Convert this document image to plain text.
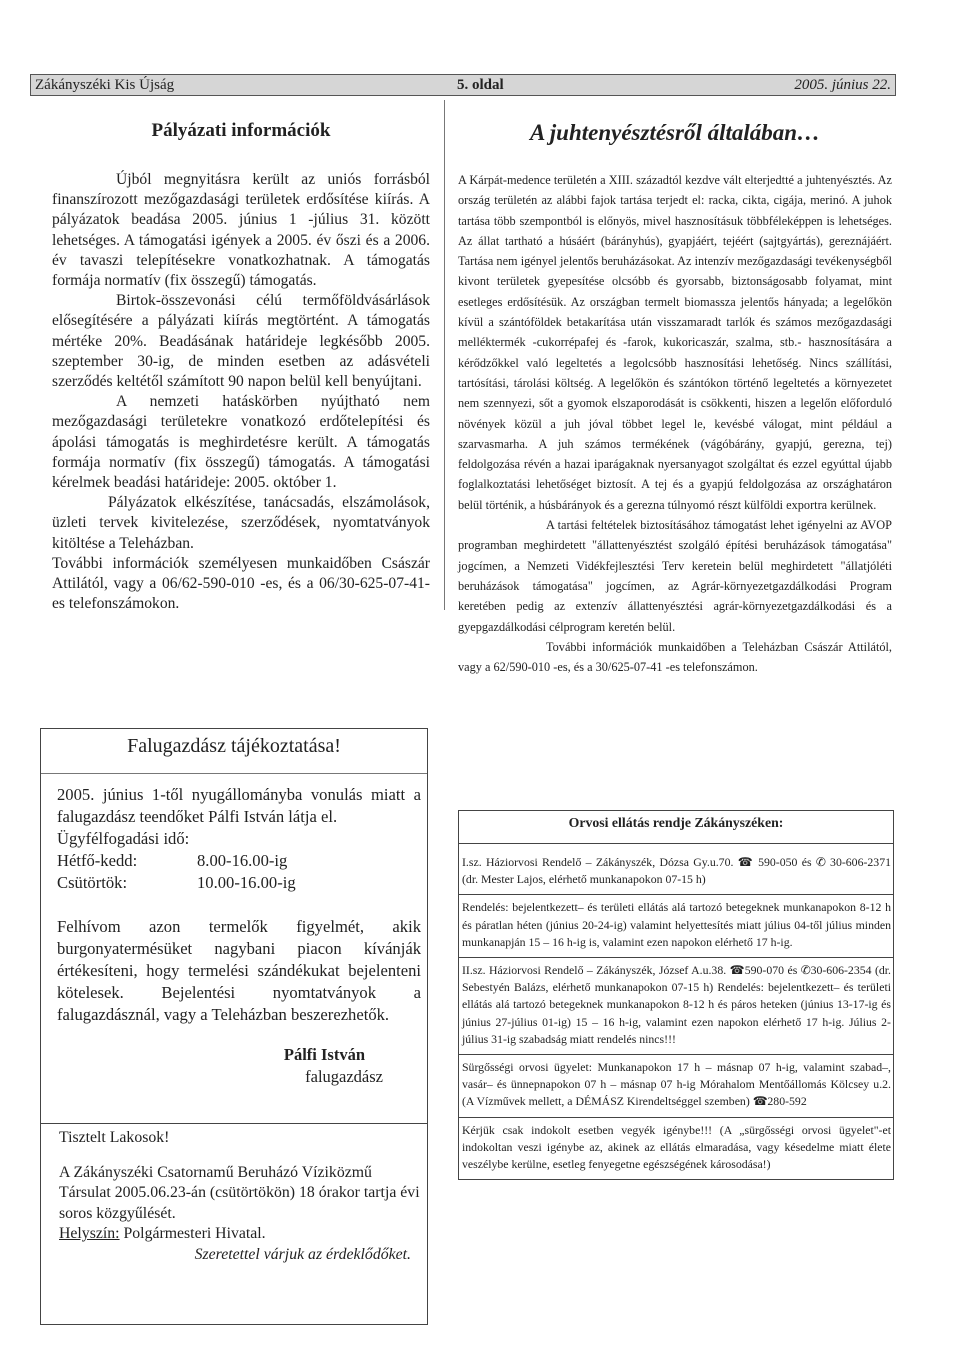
Zákányszéki Kis Újság	5. oldal	2005. június 22.
Pályázati információk

Újból megnyitásra került az uniós forrásból finanszírozott mezőgazdasági területek erdősítése kiírás. A pályázatok beadása 2005. június 1 -július 31. között lehetséges. A támogatási igények a 2005. év őszi és a 2006. év tavaszi telepítésekre vonatkozhatnak. A támogatás formája normatív (fix összegű) támogatás.

Birtok-összevonási célú termőföldvásárlások elősegítésére a pályázati kiírás megtörtént. A támogatás mértéke 20%. Beadásának határideje legkésőbb 2005. szeptember 30-ig, de minden esetben az adásvételi szerződés keltétől számított 90 napon belül kell benyújtani.

A nemzeti hatáskörben nyújtható nem mezőgazdasági területekre vonatkozó erdőtelepítési és ápolási támogatás is meghirdetésre került. A támogatás formája normatív (fix összegű) támogatás. A támogatási kérelmek beadási határideje: 2005. október 1.

Pályázatok elkészítése, tanácsadás, elszámolások, üzleti tervek kivitelezése, szerződések, nyomtatványok kitöltése a Teleházban.

További információk személyesen munkaidőben Császár Attilától, vagy a 06/62-590-010 -es, és a 06/30-625-07-41-es telefonszámokon.

Falugazdász tájékoztatása!

2005. június 1-től nyugállományba vonulás miatt a falugazdász teendőket Pálfi István látja el.

Ügyfélfogadási idő:

Hétfő-kedd:	8.00-16.00-ig
Csütörtök:	10.00-16.00-ig

Felhívom azon termelők figyelmét, akik burgonyatermésüket nagybani piacon kívánják értékesíteni, hogy termelési szándékukat bejelenteni kötelesek. Bejelentési nyomtatványok a falugazdásznál, vagy a Teleházban beszerezhetők.

Pálfi István
falugazdász

Tisztelt Lakosok!

A Zákányszéki Csatornamű Beruházó Víziközmű Társulat 2005.06.23-án (csütörtökön) 18 órakor tartja évi soros közgyűlését.

Helyszín: Polgármesteri Hivatal.

Szeretettel várjuk az érdeklődőket.

A juhtenyésztésről általában…

A Kárpát-medence területén a XIII. századtól kezdve vált elterjedtté a juhtenyésztés. Az ország területén az alábbi fajok tartása terjedt el: racka, cikta, cigája, merinó. A juhok tartása több szempontból is előnyös, mivel hasznosításuk többféleképpen is lehetséges. Az állat tartható a húsáért (bárányhús), gyapjáért, tejéért (sajtgyártás), gereznájáért. Tartása nem igényel jelentős beruházásokat. Az intenzív mezőgazdasági tevékenységből kivont területek gyepesítése olcsóbb és gyorsabb, biztonságosabb folyamat, mint esetleges erdősítésük. Az országban termelt biomassza jelentős hányada; a legelőkön kívül a szántóföldek betakarítása után visszamaradt tarlók és számos mezőgazdasági melléktermék -cukorrépafej és -farok, kukoricaszár, szalma, stb.- hasznosítására a kérődzőkkel való legeltetés a legolcsóbb hasznosítási lehetőség. Nincs szállítási, tartósítási, tárolási költség. A legelőkön és szántókon történő legeltetés a környezetet nem szennyezi, sőt a gyomok elszaporodását is csökkenti, hiszen a legelőn előforduló növények közül a juh jóval többet legel le, kevésbé válogat, mint például a szarvasmarha. A juh számos termékének (vágóbárány, gyapjú, gerezna, tej) feldolgozása révén a hazai iparágaknak nyersanyagot szolgáltat és ezzel egyúttal újabb foglalkoztatási lehetőséget biztosít. A tej és a gyapjú feldolgozása az országhatáron belül történik, a húsbárányok és a gerezna túlnyomó részt külföldi exportra kerülnek.

A tartási feltételek biztosításához támogatást lehet igényelni az AVOP programban meghirdetett "állattenyésztést szolgáló építési beruházások támogatása" jogcímen, a Nemzeti Vidékfejlesztési Terv keretein belül meghirdetett "állatjóléti beruházások támogatása" jogcímen, az Agrár-környezetgazdálkodási Program keretében pedig az extenzív állattenyésztési agrár-környezetgazdálkodási és a gyepgazdálkodási célprogram keretén belül.

További információk munkaidőben a Teleházban Császár Attilától, vagy a 62/590-010 -es, és a 30/625-07-41 -es telefonszámon.

Orvosi ellátás rendje Zákányszéken:

I.sz. Háziorvosi Rendelő – Zákányszék, Dózsa Gy.u.70. ☎ 590-050 és ✆ 30-606-2371 (dr. Mester Lajos, elérhető munkanapokon 07-15 h)

Rendelés: bejelentkezett– és területi ellátás alá tartozó betegeknek munkanapokon 8-12 h és páratlan héten (június 20-24-ig) valamint helyettesítés miatt július 04-től július minden munkanapján 15 – 16 h-ig is, valamint ezen napokon elérhető 17 h-ig.

II.sz. Háziorvosi Rendelő – Zákányszék, József A.u.38. ☎590-070 és ✆30-606-2354 (dr. Sebestyén Balázs, elérhető munkanapokon 07-15 h) Rendelés: bejelentkezett– és területi ellátás alá tartozó betegeknek munkanapokon 8-12 h és páros heteken (június 13-17-ig és június 27-július 01-ig) 15 – 16 h-ig, valamint ezen napokon elérhető 17 h-ig. Július 2-július 31-ig szabadság miatt rendelés nincs!!!

Sürgősségi orvosi ügyelet: Munkanapokon 17 h – másnap 07 h-ig, valamint szabad–, vasár– és ünnepnapokon 07 h – másnap 07 h-ig Mórahalom Mentőállomás Kölcsey u.2. (A Vízművek mellett, a DÉMÁSZ Kirendeltséggel szemben) ☎280-592

Kérjük csak indokolt esetben vegyék igénybe!!! (A „sürgősségi orvosi ügyelet"-et indokoltan veszi igénybe az, akinek az ellátás elmaradása, vagy késedelme miatt élete veszélybe kerülne, esetleg fenyegetne egészségének károsodása!)
